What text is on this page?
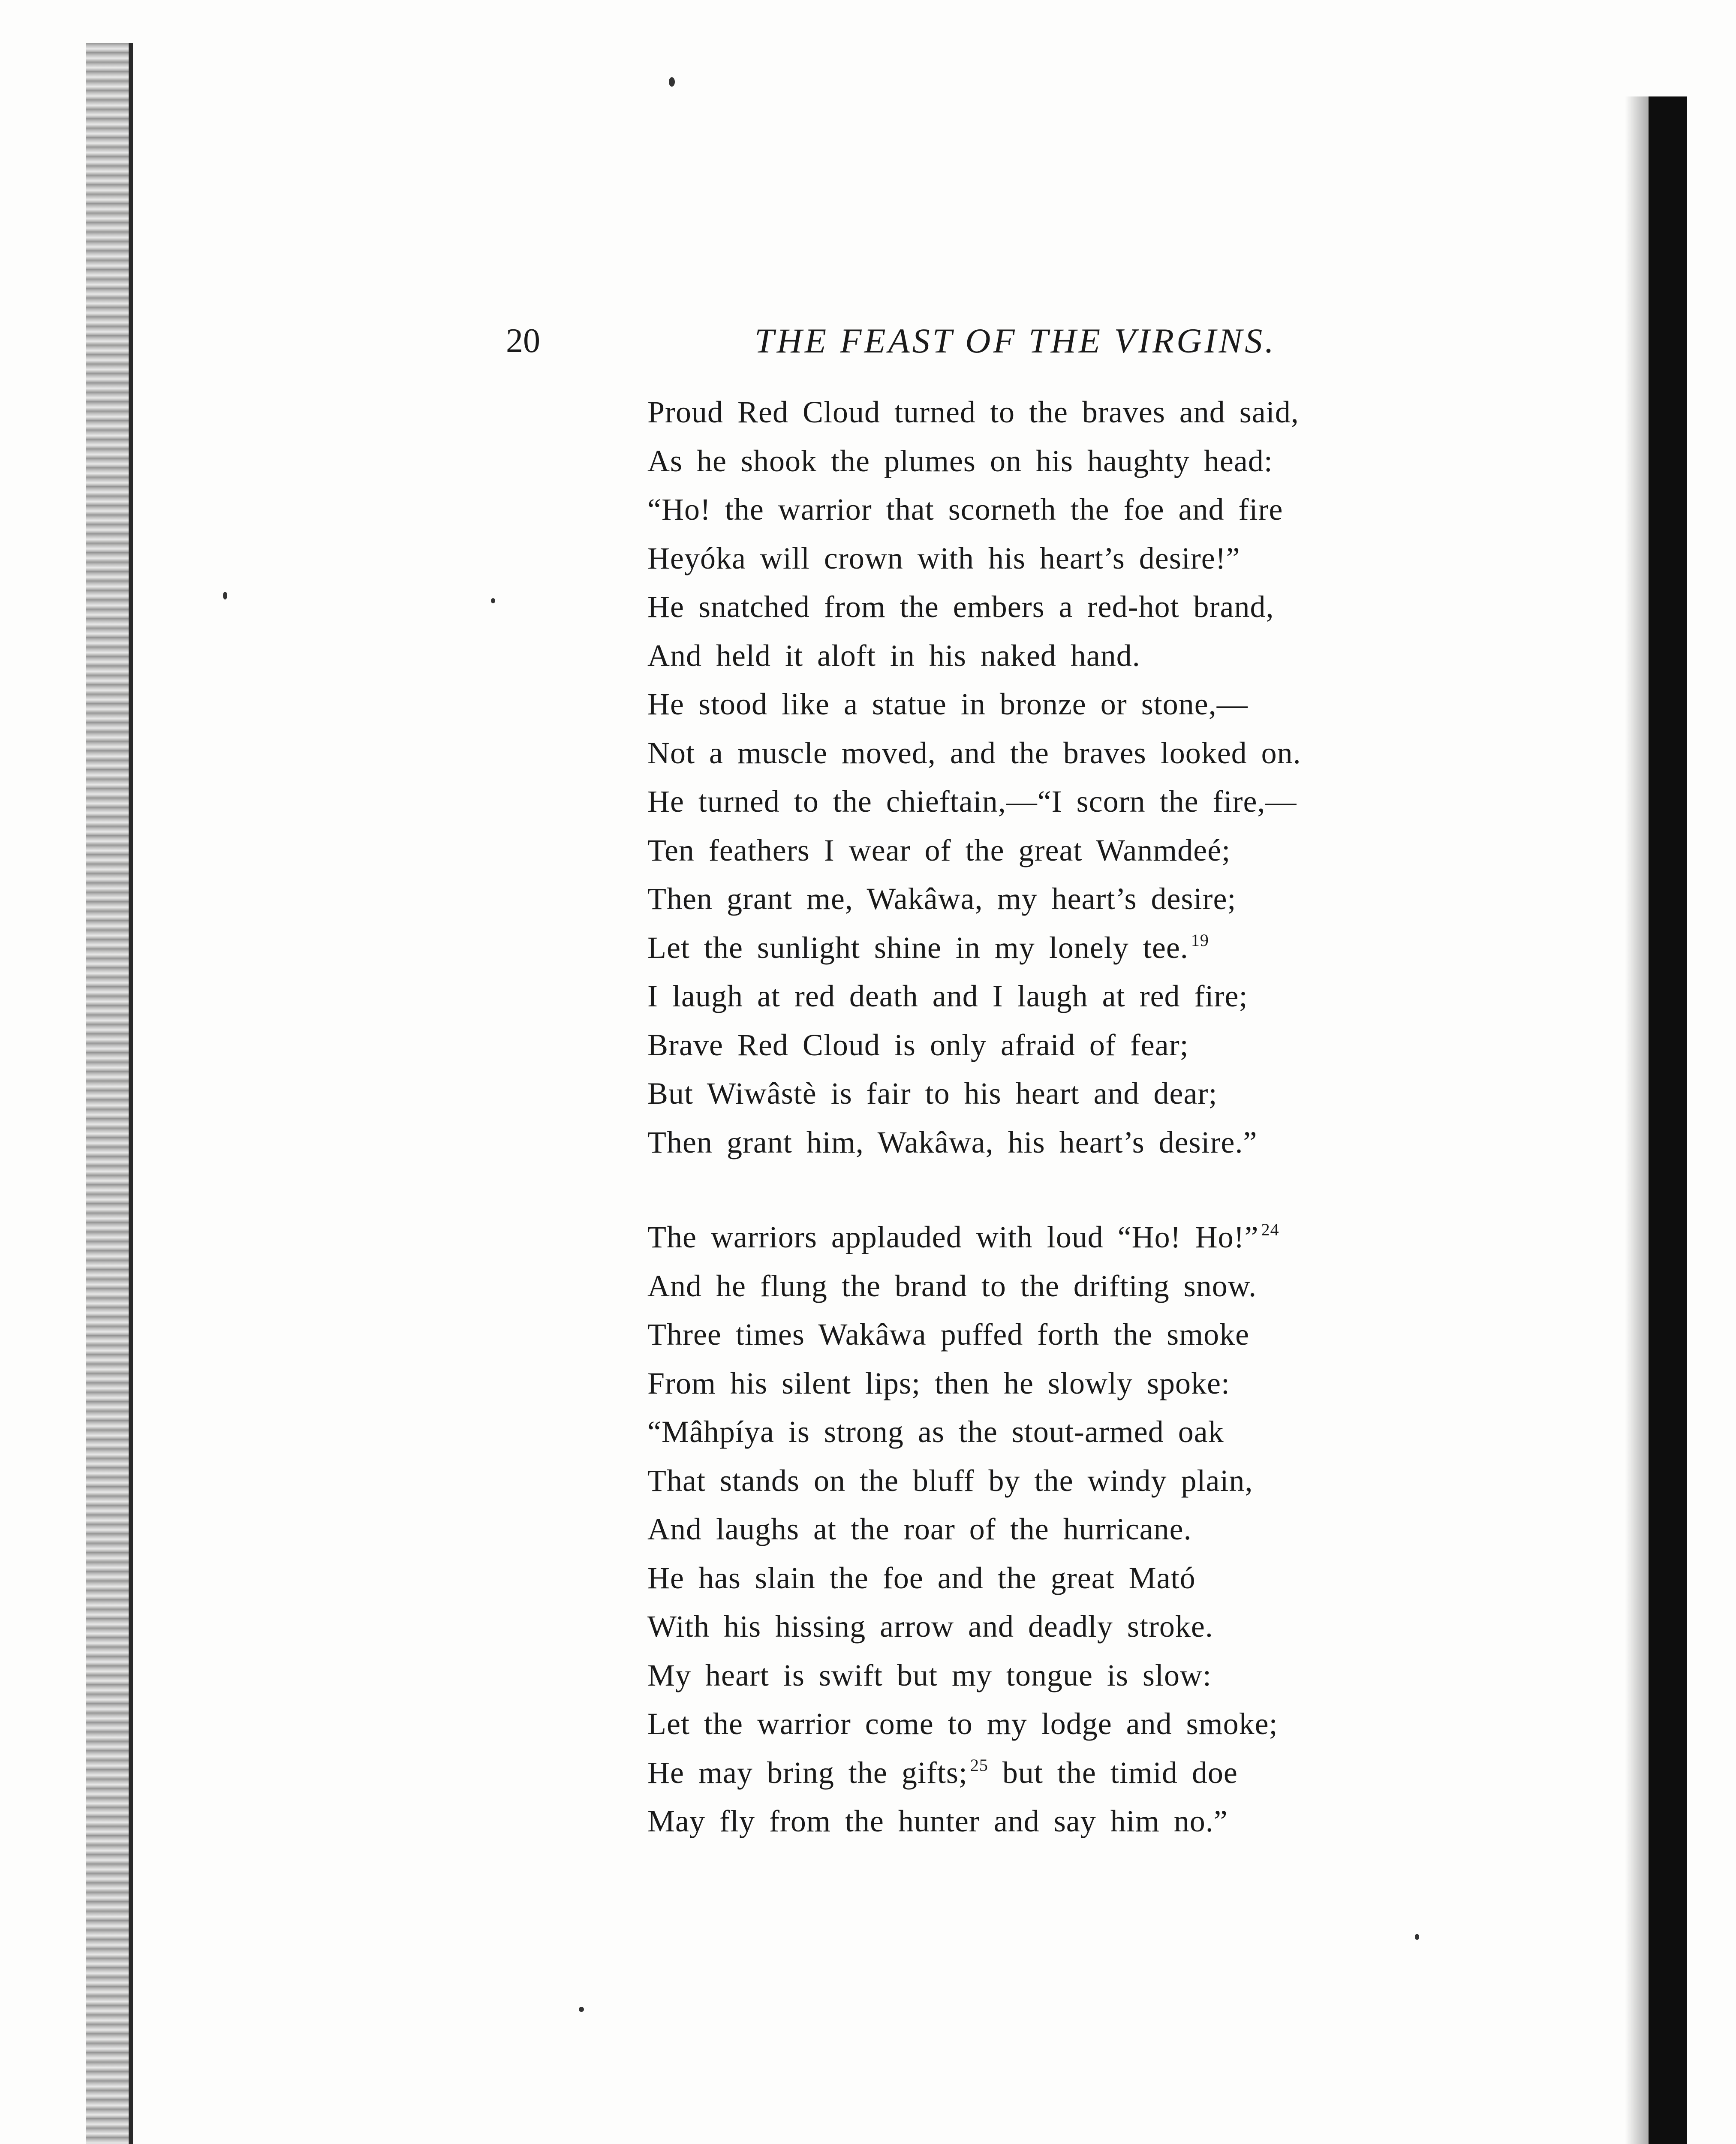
20	THE FEAST OF THE VIRGINS.
Proud Red Cloud turned to the braves and said,
As he shook the plumes on his haughty head:
“Ho! the warrior that scorneth the foe and fire
Heyóka will crown with his heart’s desire!”
He snatched from the embers a red-hot brand,
And held it aloft in his naked hand.
He stood like a statue in bronze or stone,—
Not a muscle moved, and the braves looked on.
He turned to the chieftain,—“I scorn the fire,—
Ten feathers I wear of the great Wanmdeé;
Then grant me, Wakâwa, my heart’s desire;
Let the sunlight shine in my lonely tee. $^{19}$
I laugh at red death and I laugh at red fire;
Brave Red Cloud is only afraid of fear;
But Wiwâstè is fair to his heart and dear;
Then grant him, Wakâwa, his heart’s desire.”
The warriors applauded with loud “Ho! Ho!” $^{24}$
And he flung the brand to the drifting snow.
Three times Wakâwa puffed forth the smoke
From his silent lips; then he slowly spoke:
“Mâhpíya is strong as the stout-armed oak
That stands on the bluff by the windy plain,
And laughs at the roar of the hurricane.
He has slain the foe and the great Mató
With his hissing arrow and deadly stroke.
My heart is swift but my tongue is slow:
Let the warrior come to my lodge and smoke;
He may bring the gifts; $^{25}$ but the timid doe
May fly from the hunter and say him no.”
